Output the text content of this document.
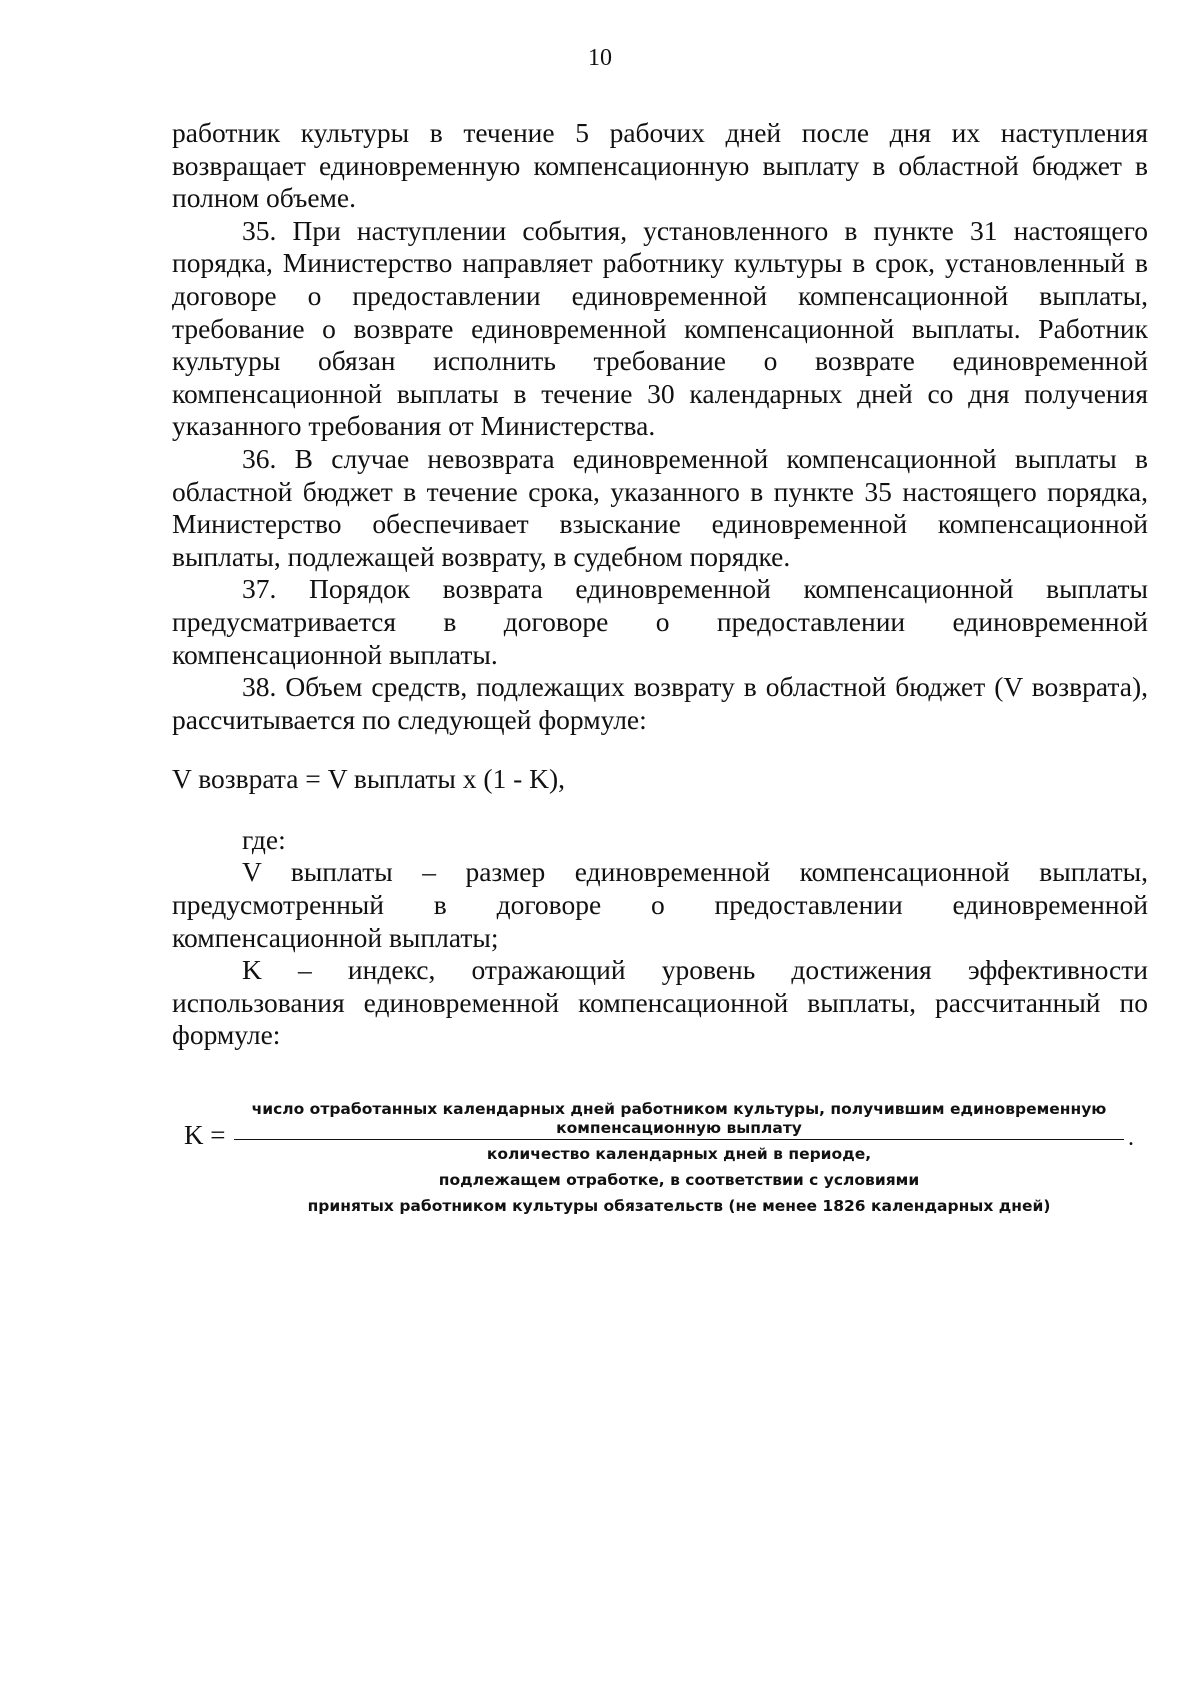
10

работник культуры в течение 5 рабочих дней после дня их наступления возвращает единовременную компенсационную выплату в областной бюджет в полном объеме.

35. При наступлении события, установленного в пункте 31 настоящего порядка, Министерство направляет работнику культуры в срок, установленный в договоре о предоставлении единовременной компенсационной выплаты, требование о возврате единовременной компенсационной выплаты. Работник культуры обязан исполнить требование о возврате единовременной компенсационной выплаты в течение 30 календарных дней со дня получения указанного требования от Министерства.

36. В случае невозврата единовременной компенсационной выплаты в областной бюджет в течение срока, указанного в пункте 35 настоящего порядка, Министерство обеспечивает взыскание единовременной компенсационной выплаты, подлежащей возврату, в судебном порядке.

37. Порядок возврата единовременной компенсационной выплаты предусматривается в договоре о предоставлении единовременной компенсационной выплаты.

38. Объем средств, подлежащих возврату в областной бюджет (V возврата), рассчитывается по следующей формуле:

V возврата = V выплаты х (1 - K),

где:

V выплаты – размер единовременной компенсационной выплаты, предусмотренный в договоре о предоставлении единовременной компенсационной выплаты;

K – индекс, отражающий уровень достижения эффективности использования единовременной компенсационной выплаты, рассчитанный по формуле:

K =
число отработанных календарных дней работником культуры, получившим единовременную
компенсационную выплату	.
количество календарных дней в периоде,
подлежащем отработке, в соответствии с условиями
принятых работником культуры обязательств (не менее 1826 календарных дней)
